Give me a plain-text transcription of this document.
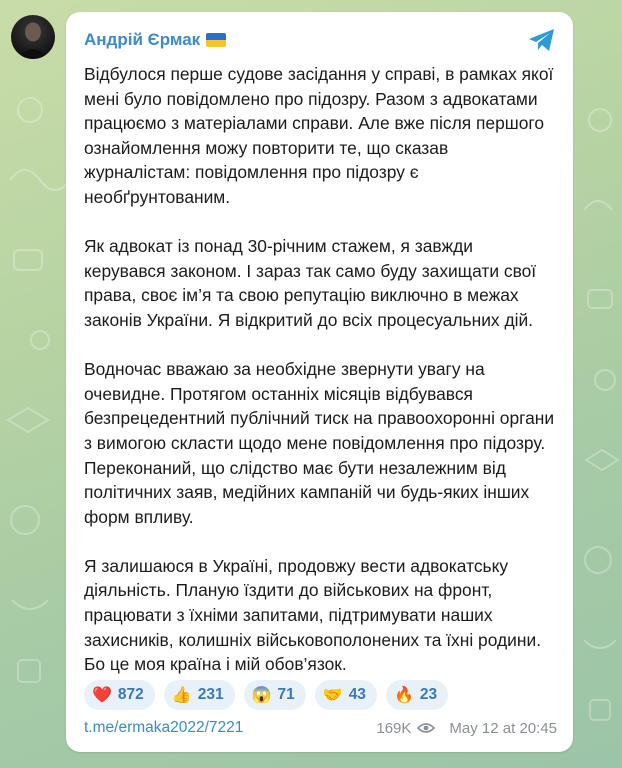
Андрій Єрмак

Відбулося перше судове засідання у справі, в рамках якої мені було повідомлено про підозру. Разом з адвокатами працюємо з матеріалами справи. Але вже після першого ознайомлення можу повторити те, що сказав журналістам: повідомлення про підозру є необґрунтованим.

Як адвокат із понад 30-річним стажем, я завжди керувався законом. І зараз так само буду захищати свої права, своє ім’я та свою репутацію виключно в межах законів України. Я відкритий до всіх процесуальних дій.

Водночас вважаю за необхідне звернути увагу на очевидне. Протягом останніх місяців відбувався безпрецедентний публічний тиск на правоохоронні органи з вимогою скласти щодо мене повідомлення про підозру. Переконаний, що слідство має бути незалежним від політичних заяв, медійних кампаній чи будь-яких інших форм впливу.

Я залишаюся в Україні, продовжу вести адвокатську діяльність. Планую їздити до військових на фронт, працювати з їхніми запитами, підтримувати наших захисників, колишніх військовополонених та їхні родини. Бо це моя країна і мій обов’язок.

❤️ 872 👍 231 😱 71 🤝 43 🔥 23
t.me/ermaka2022/7221	169K	May 12 at 20:45
